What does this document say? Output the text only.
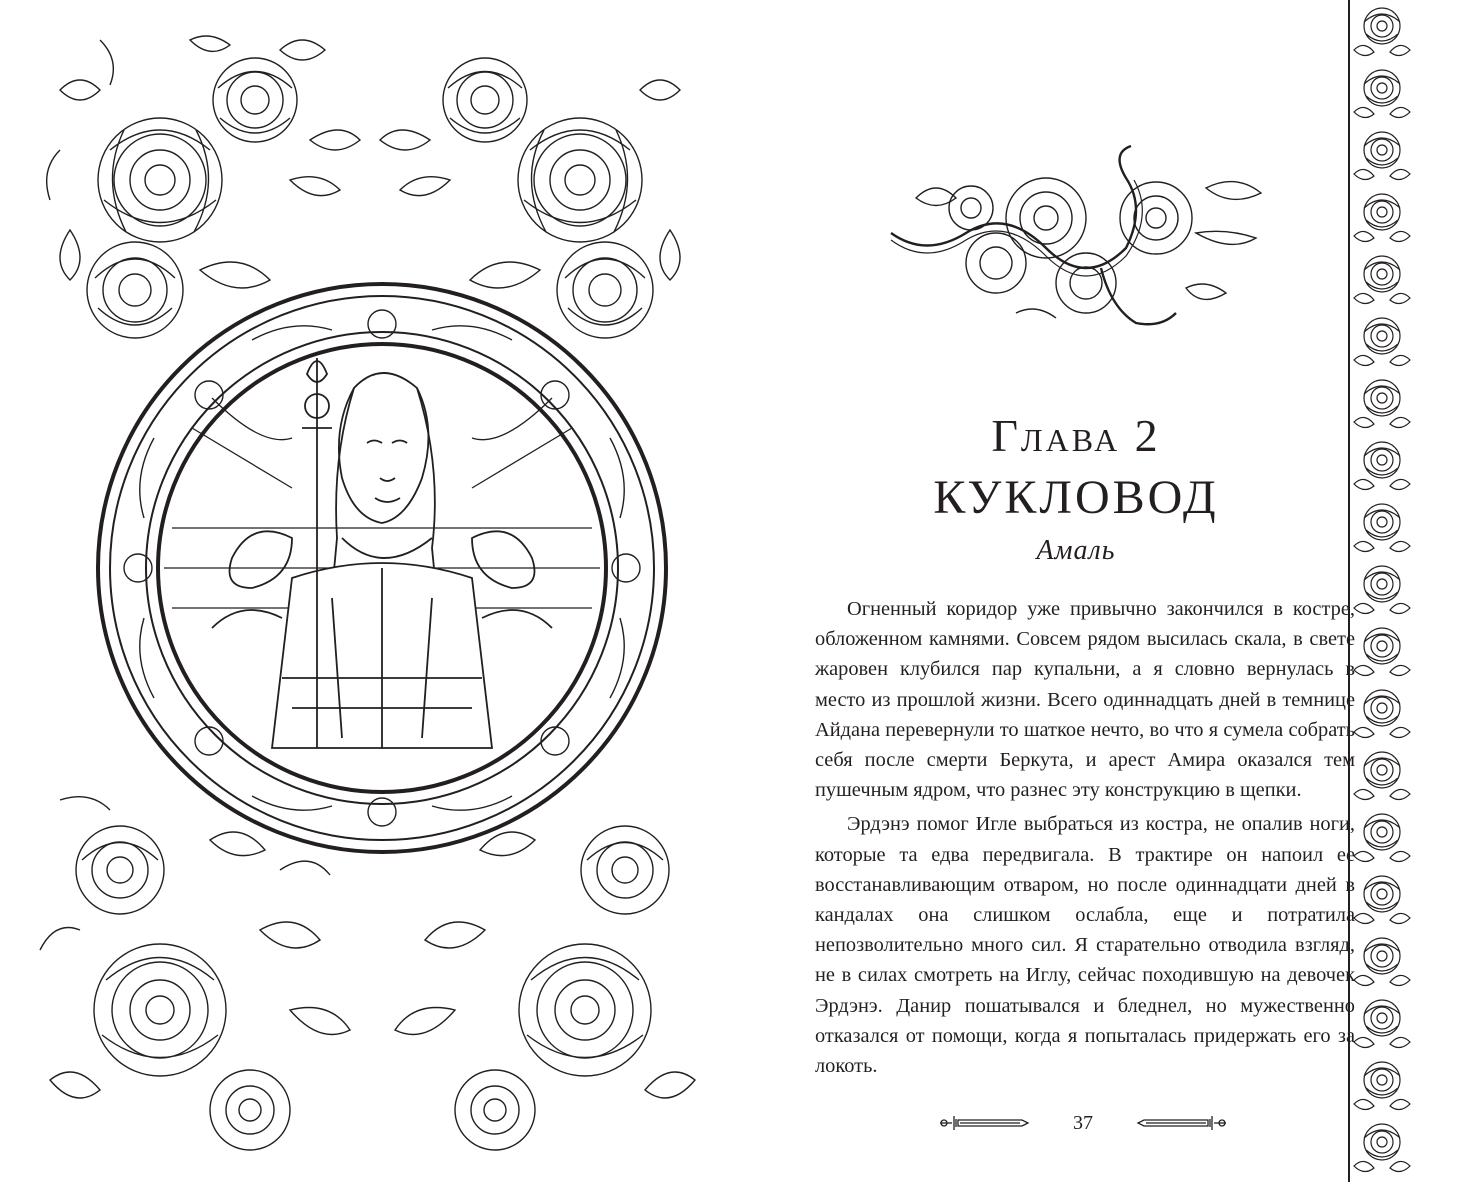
Глава 2
КУКЛОВОД
Амаль

Огненный коридор уже привычно закончился в костре, обложенном камнями. Совсем рядом высилась скала, в свете жаровен клубился пар купальни, а я словно вернулась в место из прошлой жизни. Всего одиннадцать дней в темнице Айдана перевернули то шаткое нечто, во что я сумела собрать себя после смерти Беркута, и арест Амира оказался тем пушечным ядром, что разнес эту конструкцию в щепки.

Эрдэнэ помог Игле выбраться из костра, не опалив ноги, которые та едва передвигала. В трактире он напоил ее восстанавливающим отваром, но после одиннадцати дней в кандалах она слишком ослабла, еще и потратила непозволительно много сил. Я старательно отводила взгляд, не в силах смотреть на Иглу, сейчас походившую на девочек Эрдэнэ. Данир пошатывался и бледнел, но мужественно отказался от помощи, когда я попыталась придержать его за локоть.

37
